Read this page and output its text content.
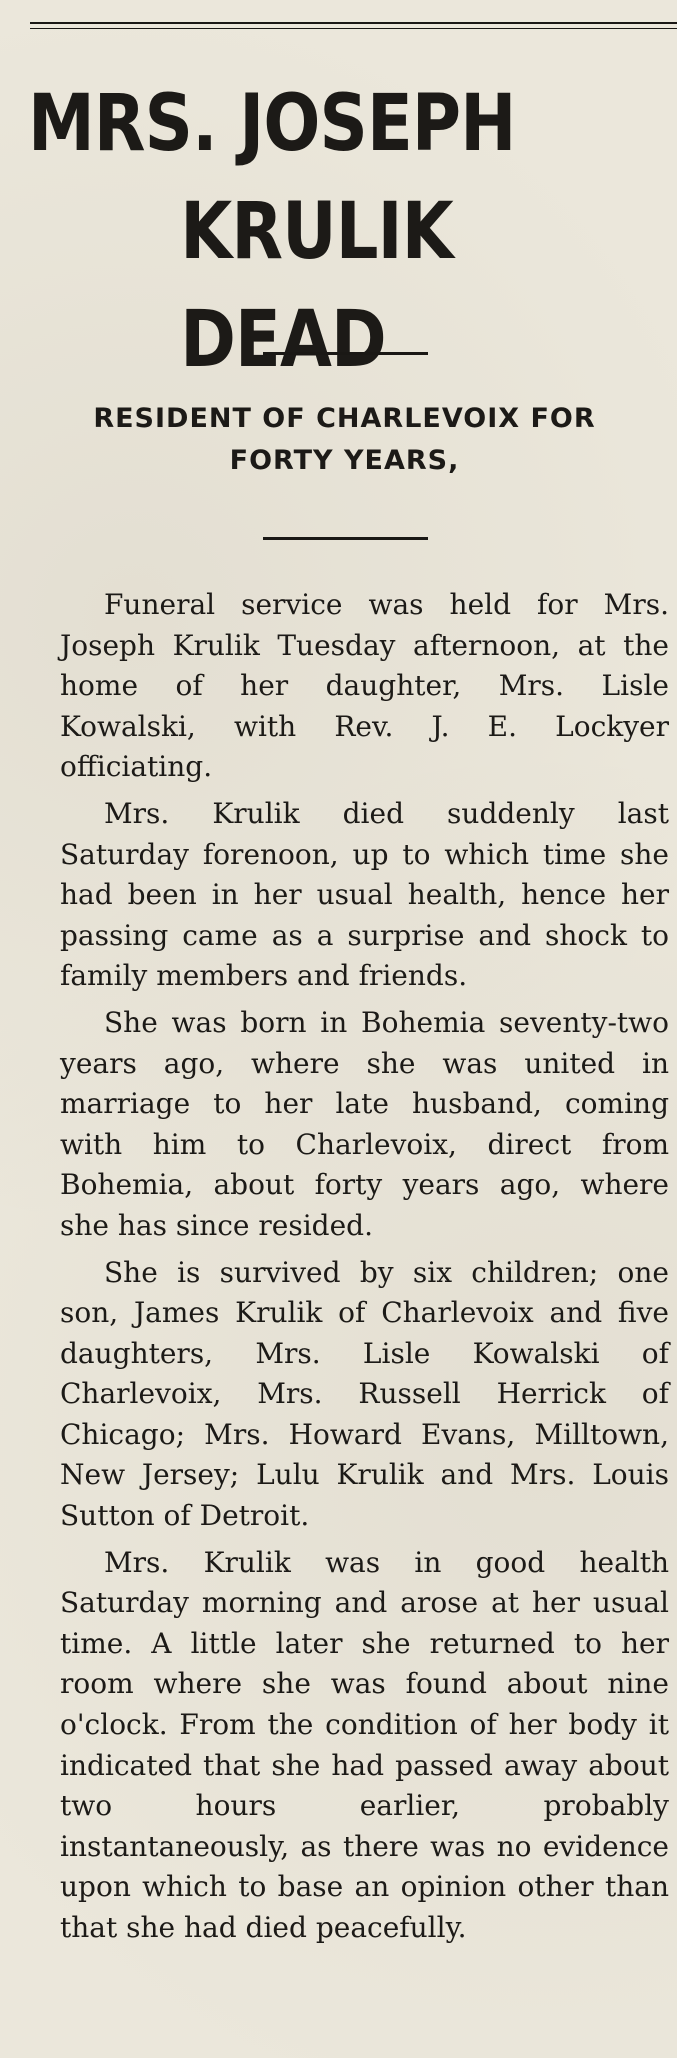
MRS. JOSEPH
KRULIK DEAD
RESIDENT OF CHARLEVOIX FOR
FORTY YEARS,

Funeral service was held for Mrs. Joseph Krulik Tuesday afternoon, at the home of her daughter, Mrs. Lisle Kowalski, with Rev. J. E. Lockyer officiating.

Mrs. Krulik died suddenly last Saturday forenoon, up to which time she had been in her usual health, hence her passing came as a surprise and shock to family members and friends.

She was born in Bohemia seventy-two years ago, where she was united in marriage to her late husband, coming with him to Charlevoix, direct from Bohemia, about forty years ago, where she has since resided.

She is survived by six children; one son, James Krulik of Charlevoix and five daughters, Mrs. Lisle Kowalski of Charlevoix, Mrs. Russell Herrick of Chicago; Mrs. Howard Evans, Milltown, New Jersey; Lulu Krulik and Mrs. Louis Sutton of Detroit.

Mrs. Krulik was in good health Saturday morning and arose at her usual time. A little later she returned to her room where she was found about nine o'clock. From the condition of her body it indicated that she had passed away about two hours earlier, probably instantaneously, as there was no evidence upon which to base an opinion other than that she had died peacefully.
